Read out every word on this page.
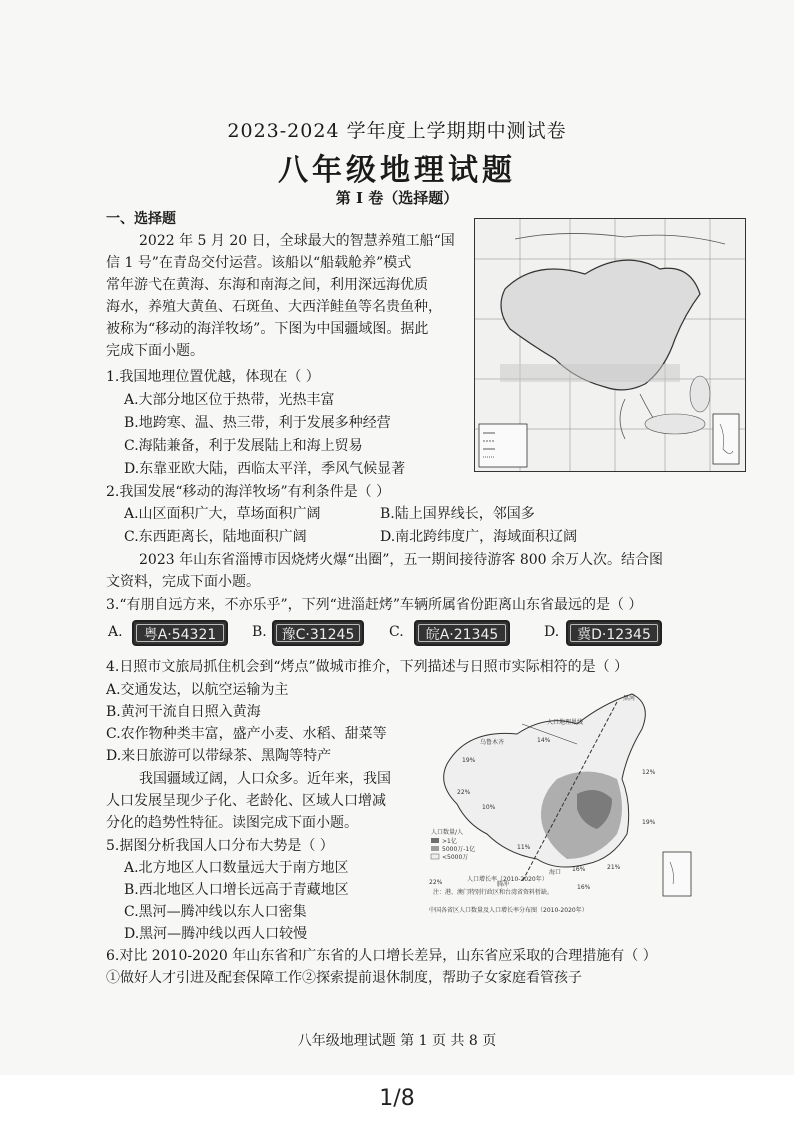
2023-2024 学年度上学期期中测试卷
八年级地理试题
第 I 卷（选择题）
一、选择题
2022 年 5 月 20 日，全球最大的智慧养殖工船“国
信 1 号”在青岛交付运营。该船以“船载舱养”模式
常年游弋在黄海、东海和南海之间，利用深远海优质
海水，养殖大黄鱼、石斑鱼、大西洋鲑鱼等名贵鱼种，
被称为“移动的海洋牧场”。下图为中国疆域图。据此
完成下面小题。
1.我国地理位置优越，体现在（ ）
A.大部分地区位于热带，光热丰富
B.地跨寒、温、热三带，利于发展多种经营
C.海陆兼备，利于发展陆上和海上贸易
D.东靠亚欧大陆，西临太平洋，季风气候显著
2.我国发展“移动的海洋牧场”有利条件是（ ）
A.山区面积广大，草场面积广阔	B.陆上国界线长，邻国多
C.东西距离长，陆地面积广阔	D.南北跨纬度广，海域面积辽阔
2023 年山东省淄博市因烧烤火爆“出圈”，五一期间接待游客 800 余万人次。结合图
文资料，完成下面小题。
3.“有朋自远方来，不亦乐乎”，下列“进淄赶烤”车辆所属省份距离山东省最远的是（ ）
A.	粤A·54321	B.	豫C·31245	C.	皖A·21345	D.	冀D·12345
4.日照市文旅局抓住机会到“烤点”做城市推介，下列描述与日照市实际相符的是（ ）
A.交通发达，以航空运输为主
B.黄河干流自日照入黄海
C.农作物种类丰富，盛产小麦、水稻、甜菜等
D.来日旅游可以带绿茶、黑陶等特产
我国疆域辽阔，人口众多。近年来，我国
人口发展呈现少子化、老龄化、区域人口增减
分化的趋势性特征。读图完成下面小题。
5.据图分析我国人口分布大势是（ ）
A.北方地区人口数量远大于南方地区
B.西北地区人口增长远高于青藏地区
C.黑河—腾冲线以东人口密集
D.黑河—腾冲线以西人口较慢
6.对比 2010-2020 年山东省和广东省的人口增长差异，山东省应采取的合理措施有（ ）
①做好人才引进及配套保障工作②探索提前退休制度，帮助子女家庭看管孩子
人口地理界线
乌鲁木齐
黑河
腾冲
海口
14%
19%
22%
12%
19%
10%
11%
16%	21%
22%
16%
人口数量/人
>1亿
5000万-1亿
<5000万
人口增长率（2010-2020年）
注：港、澳门特别行政区和台湾省资料暂缺。
中国各省区人口数量及人口增长率分布图（2010-2020年）
八年级地理试题 第 1 页 共 8 页
1/8
